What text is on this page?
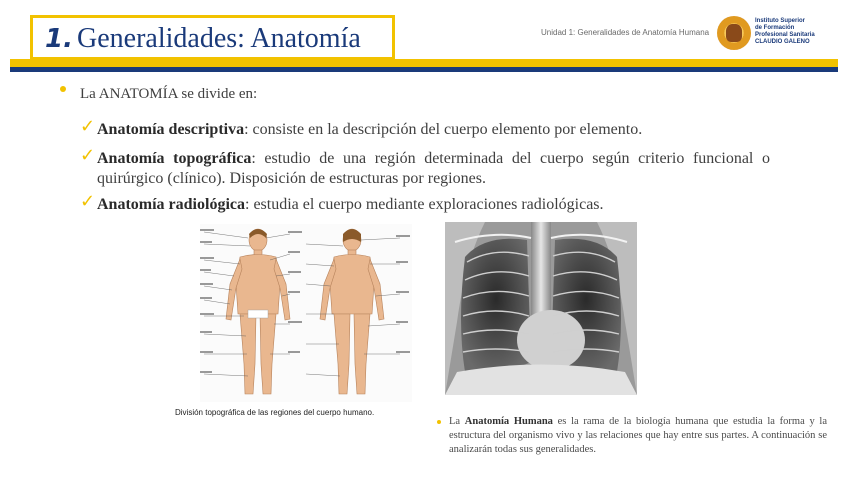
1. Generalidades: Anatomía	Unidad 1: Generalidades de Anatomía Humana
Instituto Superior
de Formación
Profesional Sanitaria
CLAUDIO GALENO
La ANATOMÍA se divide en:
✓ Anatomía descriptiva: consiste en la descripción del cuerpo elemento por elemento.
✓ Anatomía topográfica: estudio de una región determinada del cuerpo según criterio funcional o quirúrgico (clínico). Disposición de estructuras por regiones.
✓ Anatomía radiológica: estudia el cuerpo mediante exploraciones radiológicas.
División topográfica de las regiones del cuerpo humano.
La Anatomía Humana es la rama de la biología humana que estudia la forma y la estructura del organismo vivo y las relaciones que hay entre sus partes. A continuación se analizarán todas sus generalidades.
